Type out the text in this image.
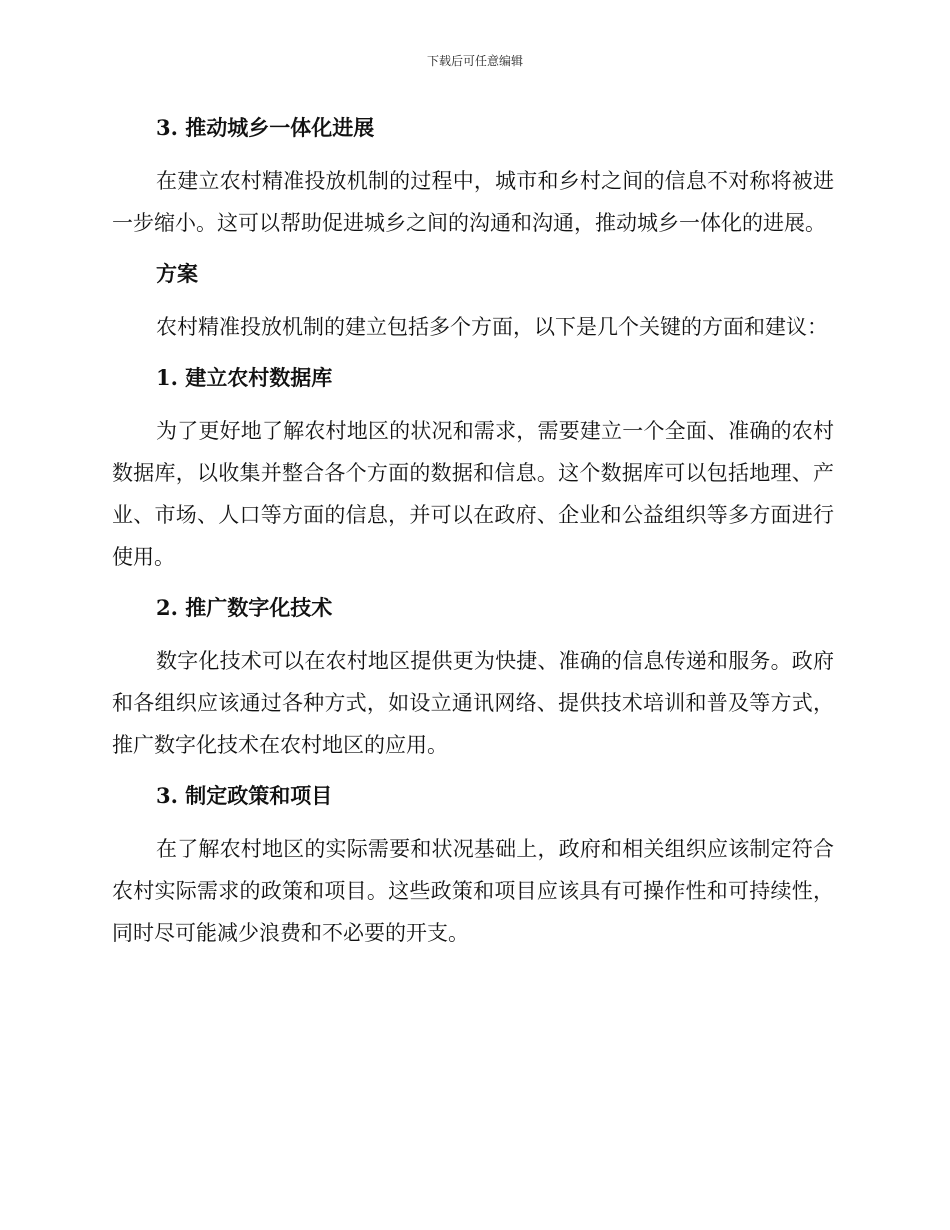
下载后可任意编辑
3. 推动城乡一体化进展

在建立农村精准投放机制的过程中，城市和乡村之间的信息不对称将被进一步缩小。这可以帮助促进城乡之间的沟通和沟通，推动城乡一体化的进展。

方案

农村精准投放机制的建立包括多个方面，以下是几个关键的方面和建议：

1. 建立农村数据库

为了更好地了解农村地区的状况和需求，需要建立一个全面、准确的农村数据库，以收集并整合各个方面的数据和信息。这个数据库可以包括地理、产业、市场、人口等方面的信息，并可以在政府、企业和公益组织等多方面进行使用。

2. 推广数字化技术

数字化技术可以在农村地区提供更为快捷、准确的信息传递和服务。政府和各组织应该通过各种方式，如设立通讯网络、提供技术培训和普及等方式，推广数字化技术在农村地区的应用。

3. 制定政策和项目

在了解农村地区的实际需要和状况基础上，政府和相关组织应该制定符合农村实际需求的政策和项目。这些政策和项目应该具有可操作性和可持续性，同时尽可能减少浪费和不必要的开支。
